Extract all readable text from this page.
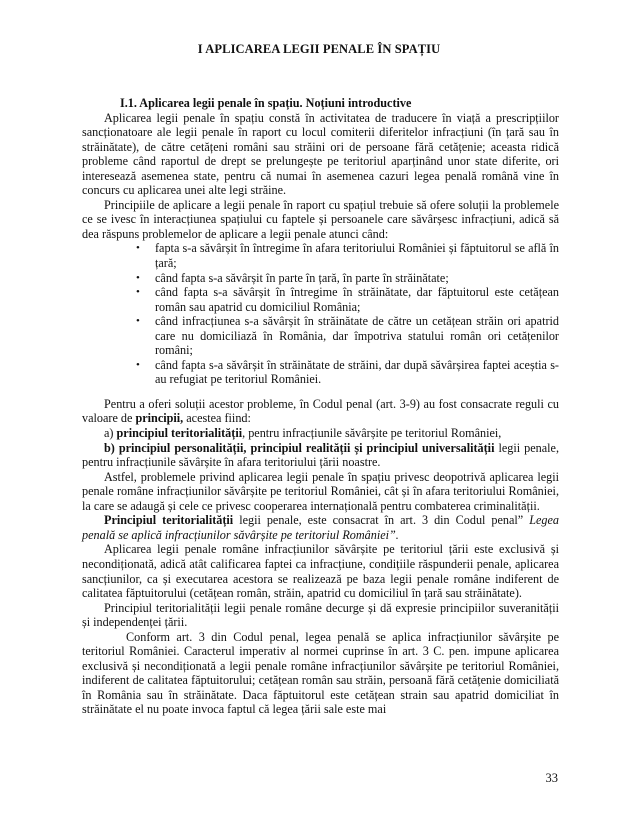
I APLICAREA LEGII PENALE ÎN SPAȚIU

I.1. Aplicarea legii penale în spațiu. Noțiuni introductive

Aplicarea legii penale în spațiu constă în activitatea de traducere în viață a prescripțiilor sancționatoare ale legii penale în raport cu locul comiterii diferitelor infracțiuni (în țară sau în străinătate), de către cetățeni români sau străini ori de persoane fără cetățenie; aceasta ridică probleme când raportul de drept se prelungește pe teritoriul aparținând unor state diferite, ori interesează asemenea state, pentru că numai în asemenea cazuri legea penală română vine în concurs cu aplicarea unei alte legi străine.

Principiile de aplicare a legii penale în raport cu spațiul trebuie să ofere soluții la problemele ce se ivesc în interacțiunea spațiului cu faptele și persoanele care săvârșesc infracțiuni, adică să dea răspuns problemelor de aplicare a legii penale atunci când:

• fapta s-a săvârșit în întregime în afara teritoriului României și făptuitorul se află în țară;
• când fapta s-a săvârșit în parte în țară, în parte în străinătate;
• când fapta s-a săvârșit în întregime în străinătate, dar făptuitorul este cetățean român sau apatrid cu domiciliul România;
• când infracțiunea s-a săvârșit în străinătate de către un cetățean străin ori apatrid care nu domiciliază în România, dar împotriva statului român ori cetățenilor români;
• când fapta s-a săvârșit în străinătate de străini, dar după săvârșirea faptei aceștia s-au refugiat pe teritoriul României.

Pentru a oferi soluții acestor probleme, în Codul penal (art. 3-9) au fost consacrate reguli cu valoare de principii, acestea fiind:

a) principiul teritorialității, pentru infracțiunile săvârșite pe teritoriul României,

b) principiul personalității, principiul realității și principiul universalității legii penale, pentru infracțiunile săvârșite în afara teritoriului țării noastre.

Astfel, problemele privind aplicarea legii penale în spațiu privesc deopotrivă aplicarea legii penale române infracțiunilor săvârșite pe teritoriul României, cât și în afara teritoriului României, la care se adaugă și cele ce privesc cooperarea internațională pentru combaterea criminalității.

Principiul teritorialității legii penale, este consacrat în art. 3 din Codul penal” Legea penală se aplică infracțiunilor săvârșite pe teritoriul României”.

Aplicarea legii penale române infracțiunilor săvârșite pe teritoriul țării este exclusivă și necondiționată, adică atât calificarea faptei ca infracțiune, condițiile răspunderii penale, aplicarea sancțiunilor, ca și executarea acestora se realizează pe baza legii penale române indiferent de calitatea făptuitorului (cetățean român, străin, apatrid cu domiciliul în țară sau străinătate).

Principiul teritorialității legii penale române decurge și dă expresie principiilor suveranității și independenței țării.

Conform art. 3 din Codul penal, legea penală se aplica infracțiunilor săvârșite pe teritoriul României. Caracterul imperativ al normei cuprinse în art. 3 C. pen. impune aplicarea exclusivă și necondiționată a legii penale române infracțiunilor săvârșite pe teritoriul României, indiferent de calitatea făptuitorului; cetățean român sau străin, persoană fără cetățenie domiciliată în România sau în străinătate. Daca făptuitorul este cetățean strain sau apatrid domiciliat în străinătate el nu poate invoca faptul că legea țării sale este mai

33
